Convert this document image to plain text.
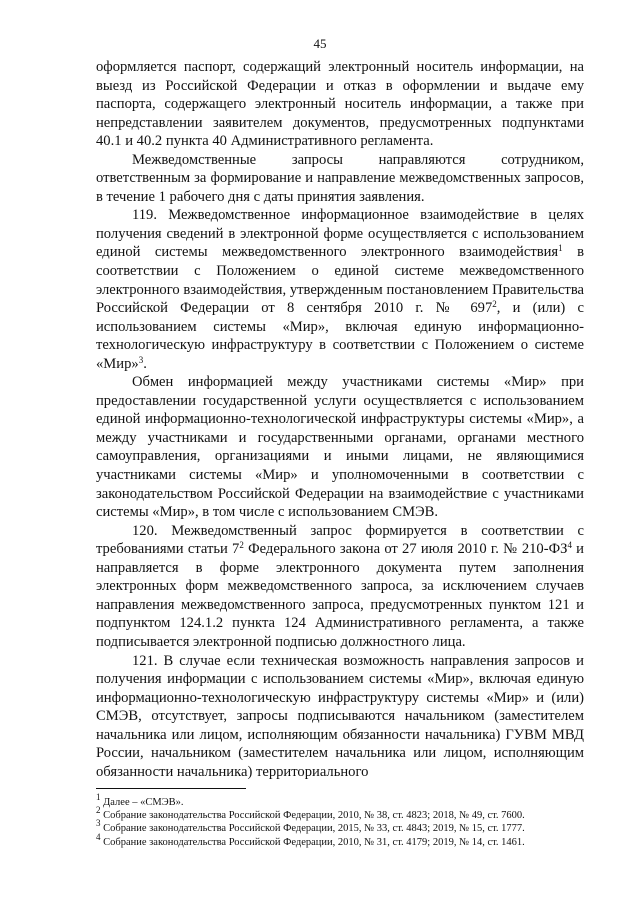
45

оформляется паспорт, содержащий электронный носитель информации, на выезд из Российской Федерации и отказ в оформлении и выдаче ему паспорта, содержащего электронный носитель информации, а также при непредставлении заявителем документов, предусмотренных подпунктами 40.1 и 40.2 пункта 40 Административного регламента.

Межведомственные запросы направляются сотрудником, ответственным за формирование и направление межведомственных запросов, в течение 1 рабочего дня с даты принятия заявления.

119. Межведомственное информационное взаимодействие в целях получения сведений в электронной форме осуществляется с использованием единой системы межведомственного электронного взаимодействия$^1$ в соответствии с Положением о единой системе межведомственного электронного взаимодействия, утвержденным постановлением Правительства Российской Федерации от 8 сентября 2010 г. № $697^2$, и (или) с использованием системы «Мир», включая единую информационно-технологическую инфраструктуру в соответствии с Положением о системе «Мир»$^3$.

Обмен информацией между участниками системы «Мир» при предоставлении государственной услуги осуществляется с использованием единой информационно-технологической инфраструктуры системы «Мир», а между участниками и государственными органами, органами местного самоуправления, организациями и иными лицами, не являющимися участниками системы «Мир» и уполномоченными в соответствии с законодательством Российской Федерации на взаимодействие с участниками системы «Мир», в том числе с использованием СМЭВ.

120. Межведомственный запрос формируется в соответствии с требованиями статьи $7^2$ Федерального закона от 27 июля 2010 г. № $210-ФЗ^4$ и направляется в форме электронного документа путем заполнения электронных форм межведомственного запроса, за исключением случаев направления межведомственного запроса, предусмотренных пунктом 121 и подпунктом 124.1.2 пункта 124 Административного регламента, а также подписывается электронной подписью должностного лица.

121. В случае если техническая возможность направления запросов и получения информации с использованием системы «Мир», включая единую информационно-технологическую инфраструктуру системы «Мир» и (или) СМЭВ, отсутствует, запросы подписываются начальником (заместителем начальника или лицом, исполняющим обязанности начальника) ГУВМ МВД России, начальником (заместителем начальника или лицом, исполняющим обязанности начальника) территориального

$^1$ Далее – «СМЭВ».
$^2$ Собрание законодательства Российской Федерации, 2010, № 38, ст. 4823; 2018, № 49, ст. 7600.
$^3$ Собрание законодательства Российской Федерации, 2015, № 33, ст. 4843; 2019, № 15, ст. 1777.
$^4$ Собрание законодательства Российской Федерации, 2010, № 31, ст. 4179; 2019, № 14, ст. 1461.
